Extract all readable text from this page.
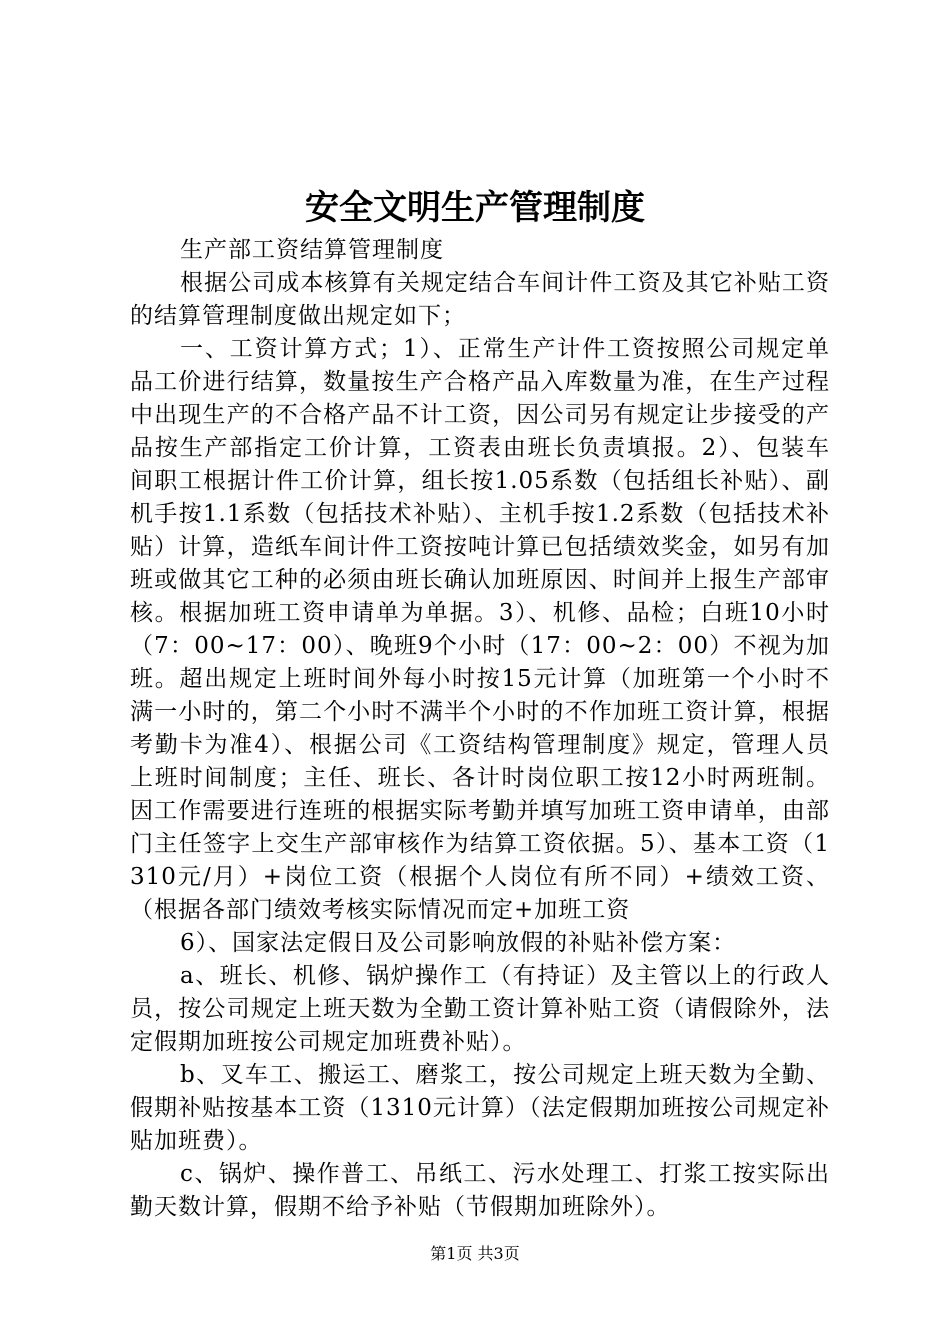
安全文明生产管理制度

生产部工资结算管理制度

根据公司成本核算有关规定结合车间计件工资及其它补贴工资的结算管理制度做出规定如下；

一、工资计算方式；1）、正常生产计件工资按照公司规定单品工价进行结算，数量按生产合格产品入库数量为准，在生产过程中出现生产的不合格产品不计工资，因公司另有规定让步接受的产品按生产部指定工价计算，工资表由班长负责填报。2）、包装车间职工根据计件工价计算，组长按1.05系数（包括组长补贴）、副机手按1.1系数（包括技术补贴）、主机手按1.2系数（包括技术补贴）计算，造纸车间计件工资按吨计算已包括绩效奖金，如另有加班或做其它工种的必须由班长确认加班原因、时间并上报生产部审核。根据加班工资申请单为单据。3）、机修、品检；白班10小时（7：00~17：00）、晚班9个小时（17：00~2：00）不视为加班。超出规定上班时间外每小时按15元计算（加班第一个小时不满一小时的，第二个小时不满半个小时的不作加班工资计算，根据考勤卡为准4）、根据公司《工资结构管理制度》规定，管理人员上班时间制度；主任、班长、各计时岗位职工按12小时两班制。因工作需要进行连班的根据实际考勤并填写加班工资申请单，由部门主任签字上交生产部审核作为结算工资依据。5）、基本工资（1310元/月）+岗位工资（根据个人岗位有所不同）+绩效工资、（根据各部门绩效考核实际情况而定+加班工资

6）、国家法定假日及公司影响放假的补贴补偿方案：

a、班长、机修、锅炉操作工（有持证）及主管以上的行政人员，按公司规定上班天数为全勤工资计算补贴工资（请假除外，法定假期加班按公司规定加班费补贴）。

b、叉车工、搬运工、磨浆工，按公司规定上班天数为全勤、假期补贴按基本工资（1310元计算）（法定假期加班按公司规定补贴加班费）。

c、锅炉、操作普工、吊纸工、污水处理工、打浆工按实际出勤天数计算，假期不给予补贴（节假期加班除外）。

第1页 共3页
